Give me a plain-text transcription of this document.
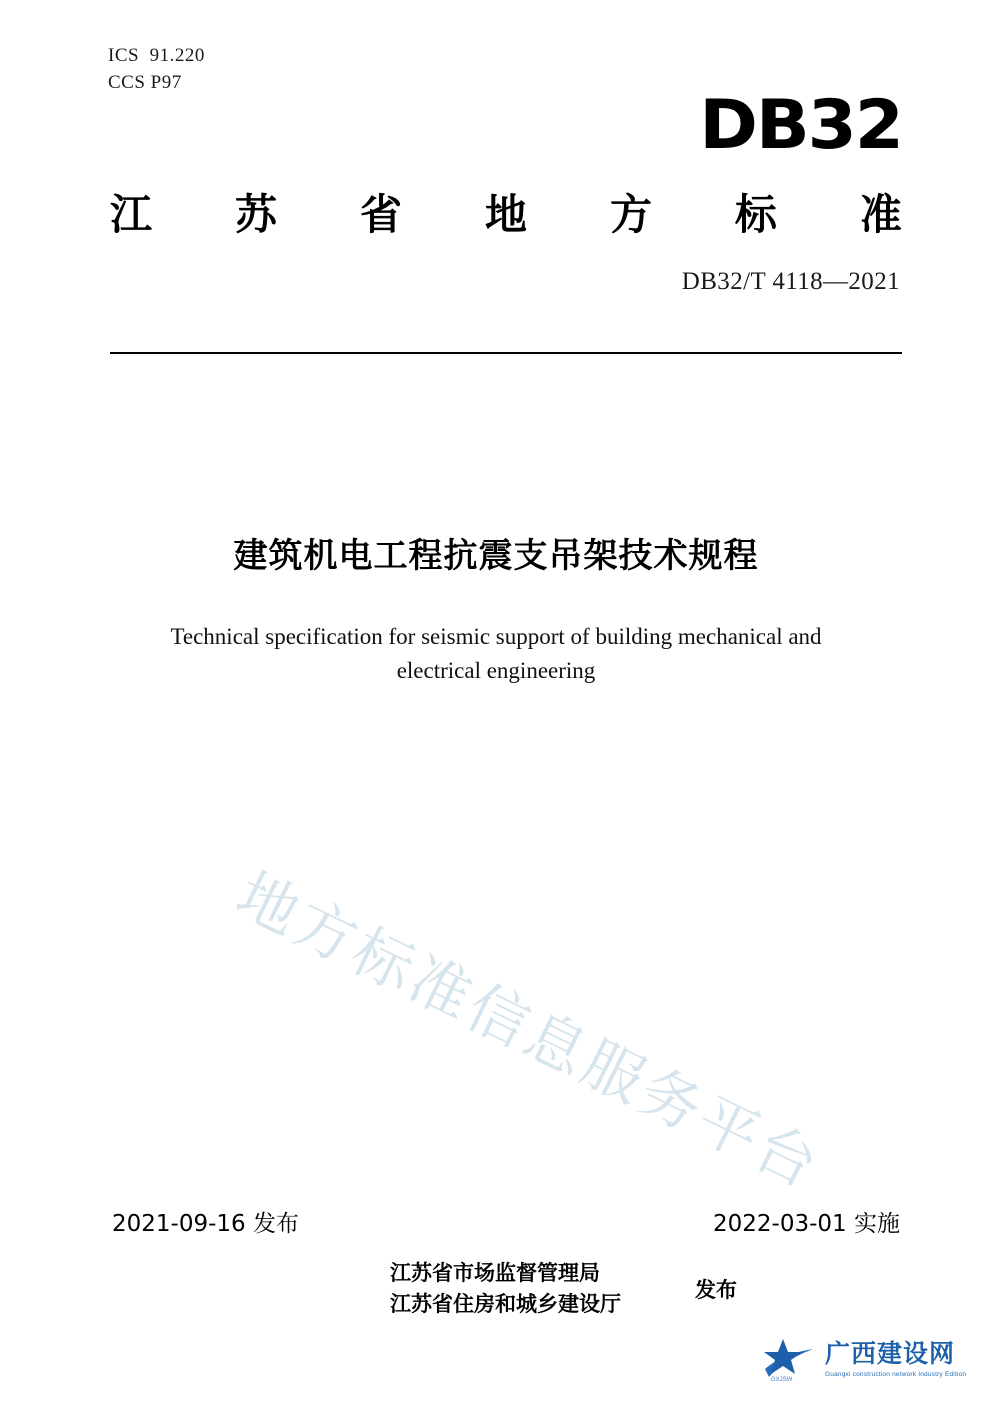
ICS  91.220
CCS P97
DB32
江 苏 省 地 方 标 准
DB32/T 4118—2021
建筑机电工程抗震支吊架技术规程
Technical specification for seismic support of building mechanical and electrical engineering
地方标准信息服务平台
2021-09-16 发布	2022-03-01 实施
江苏省市场监督管理局
江苏省住房和城乡建设厅
发布
GXJSW
广西建设网
Guangxi construction network Industry Edition
